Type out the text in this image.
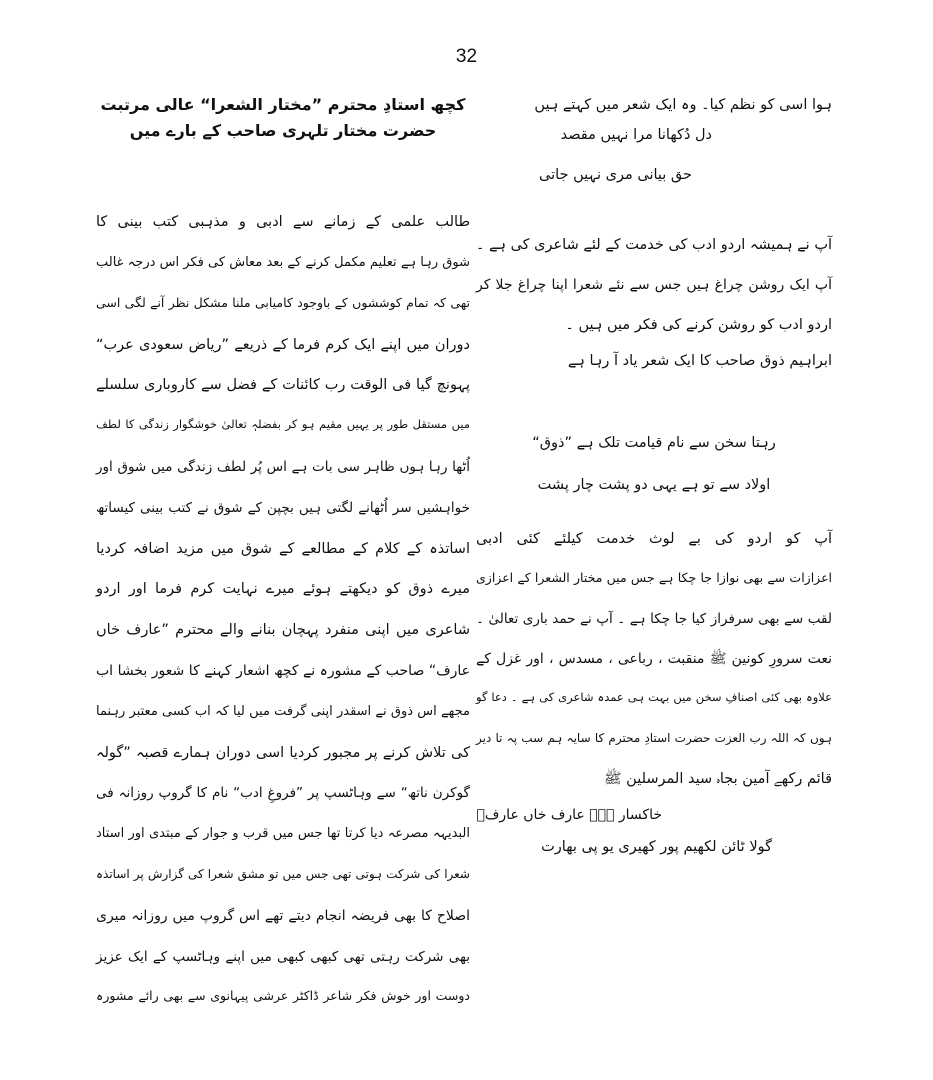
32

کچھ استادِ محترم ”مختار الشعرا“ عالی مرتبت

حضرت مختار تلہری صاحب کے بارے میں

طالب علمی کے زمانے سے ادبی و مذہبی کتب بینی کا
شوق رہا ہے تعلیم مکمل کرنے کے بعد معاش کی فکر اس درجہ غالب
تھی کہ تمام کوششوں کے باوجود کامیابی ملنا مشکل نظر آنے لگی اسی
دوران میں اپنے ایک کرم فرما کے ذریعے ”ریاض سعودی عرب“
پہونچ گیا فی الوقت رب کائنات کے فضل سے کاروباری سلسلے
میں مستقل طور پر یہیں مقیم ہو کر بفضلہٖ تعالیٰ خوشگوار زندگی کا لطف
اُٹھا رہا ہوں ظاہر سی بات ہے اس پُر لطف زندگی میں شوق اور
خواہشیں سر اُٹھانے لگتی ہیں بچپن کے شوق نے کتب بینی کیساتھ
اساتذہ کے کلام کے مطالعے کے شوق میں مزید اضافہ کردیا
میرے ذوق کو دیکھتے ہوئے میرے نہایت کرم فرما اور اردو
شاعری میں اپنی منفرد پہچان بنانے والے محترم ”عارف خاں
عارف“ صاحب کے مشورہ نے کچھ اشعار کہنے کا شعور بخشا اب
مجھے اس ذوق نے اسقدر اپنی گرفت میں لیا کہ اب کسی معتبر رہنما
کی تلاش کرنے پر مجبور کردیا اسی دوران ہمارے قصبہ ”گولہ
گوکرن ناتھ“ سے وہاٹسپ پر ”فروغِ ادب“ نام کا گروپ روزانہ فی
البدیہہ مصرعہ دیا کرتا تھا جس میں قرب و جوار کے مبتدی اور استاد
شعرا کی شرکت ہوتی تھی جس میں تو مشق شعرا کی گزارش پر اساتذہ
اصلاح کا بھی فریضہ انجام دیتے تھے اس گروپ میں روزانہ میری
بھی شرکت رہتی تھی کبھی کبھی میں اپنے وہاٹسپ کے ایک عزیز
دوست اور خوش فکر شاعر ڈاکٹر عرشی پیہانوی سے بھی رائے مشورہ
ہوا اسی کو نظم کیا۔ وہ ایک شعر میں کہتے ہیں
دل دُکھانا مرا نہیں مقصد
حق بیانی مری نہیں جاتی
آپ نے ہمیشہ اردو ادب کی خدمت کے لئے شاعری کی ہے ۔
آپ ایک روشن چراغ ہیں جس سے نئے شعرا اپنا چراغ جلا کر
اردو ادب کو روشن کرنے کی فکر میں ہیں ۔
ابراہیم ذوق صاحب کا ایک شعر یاد آ رہا ہے
رہتا سخن سے نام قیامت تلک ہے ”ذوق“
اولاد سے تو ہے یہی دو پشت چار پشت
آپ کو اردو کی بے لوث خدمت کیلئے کئی ادبی
اعزازات سے بھی نوازا جا چکا ہے جس میں مختار الشعرا کے اعزازی
لقب سے بھی سرفراز کیا جا چکا ہے ۔ آپ نے حمد باری تعالیٰ ۔
نعت سرورِ کونین ﷺ منقبت ، رباعی ، مسدس ، اور غزل کے
علاوہ بھی کئی اصنافِ سخن میں بہت ہی عمدہ شاعری کی ہے ۔ دعا گو
ہوں کہ اللہ رب العزت حضرت استادِ محترم کا سایہ ہم سب پہ تا دیر
قائم رکھے آمین بجاہ سید المرسلین ﷺ
خاکسار ۔۔۔ عارف خاں عارفؔ
گولا ٹائن لکھیم پور کھیری یو پی بھارت
